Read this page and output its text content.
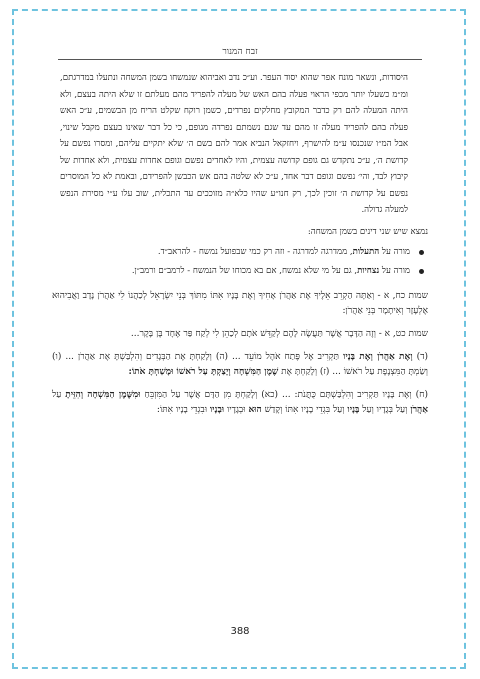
זבח המנור

היסודות, ונשאר מונח אפר שהוא יסוד העפר. וע״כ נדב ואביהוא שנמשחו בשמן המשחה ונתעלו במדרגתם, ומ״מ כשעלו יותר מכפי הראוי פעלה בהם האש של מעלה להפריד מהם מעלתם זו שלא היתה בעצם, ולא היתה המעלה להם רק כדבר המקובץ מחלקים נפרדים, כשמן רוקח שקלט הריח מן הבשמים, ע״כ האש פעלה בהם להפריד מעלה זו מהם עד שגם נשמתם נפרדה מגופם, כי כל דבר שאינו בעצם מקבל שינוי, אבל המ״ו שנכנסו ע״מ להישרף, ויחזקאל הנביא אמר להם בשם ה׳ שלא יתקיים עליהם, ומסרו נפשם על קדושת ה׳, ע״כ נתקדש גם גופם קדושה עצמית, והיו לאחדים נפשם וגופם אחדות עצמית, ולא אחדות של קיבוץ לבד, והי׳ נפשם וגופם דבר אחד, ע״כ לא שלטה בהם אש הכבשן להפרידם, ובאמת לא כל המוסרים נפשם על קדושת ה׳ זוכין לכך, רק חנו״ע שהיו כלא״ה מזוככים עד התכלית, שוב עלו ע״י מסירת הנפש למעלה גדולה.

נמצא שיש שני דינים בשמן המשחה:

מורה על התעלות, ממדרגה למדרגה - וזה רק כמי שבפועל נמשח - להראב״ד.
מורה על נצחיות, גם על מי שלא נמשח, אם בא מכוחו של הנמשח - לרמב״ם ורמב״ן.

שמות כח, א - וְאַתָּה הַקְרֵב אֵלֶיךָ אֶת אַהֲרֹן אָחִיךָ וְאֶת בָּנָיו אִתּוֹ מִתּוֹךְ בְּנֵי יִשְׂרָאֵל לְכַהֲנוֹ לִי אַהֲרֹן נָדָב וַאֲבִיהוּא אֶלְעָזָר וְאִיתָמָר בְּנֵי אַהֲרֹן:

שמות כט, א - וְזֶה הַדָּבָר אֲשֶׁר תַּעֲשֶׂה לָהֶם לְקַדֵּשׁ אֹתָם לְכַהֵן לִי לְקַח פַּר אֶחָד בֶּן בָּקָר...

(ד) וְאֶת אַהֲרֹן וְאֶת בָּנָיו תַּקְרִיב אֶל פֶּתַח אֹהֶל מוֹעֵד ... (ה) וְלָקַחְתָּ אֶת הַבְּגָדִים וְהִלְבַּשְׁתָּ אֶת אַהֲרֹן ... (ו) וְשַׂמְתָּ הַמִּצְנֶפֶת עַל רֹאשׁוֹ ... (ז) וְלָקַחְתָּ אֶת שֶׁמֶן הַמִּשְׁחָה וְיָצַקְתָּ עַל רֹאשׁוֹ וּמָשַׁחְתָּ אֹתוֹ:

(ח) וְאֶת בָּנָיו תַּקְרִיב וְהִלְבַּשְׁתָּם כֻּתֳּנֹת: ... (כא) וְלָקַחְתָּ מִן הַדָּם אֲשֶׁר עַל הַמִּזְבֵּחַ וּמִשֶּׁמֶן הַמִּשְׁחָה וְהִזֵּיתָ עַל אַהֲרֹן וְעַל בְּגָדָיו וְעַל בָּנָיו וְעַל בִּגְדֵי בָנָיו אִתּוֹ וְקָדַשׁ הוּא וּבְגָדָיו וּבָנָיו וּבִגְדֵי בָנָיו אִתּוֹ:

388
